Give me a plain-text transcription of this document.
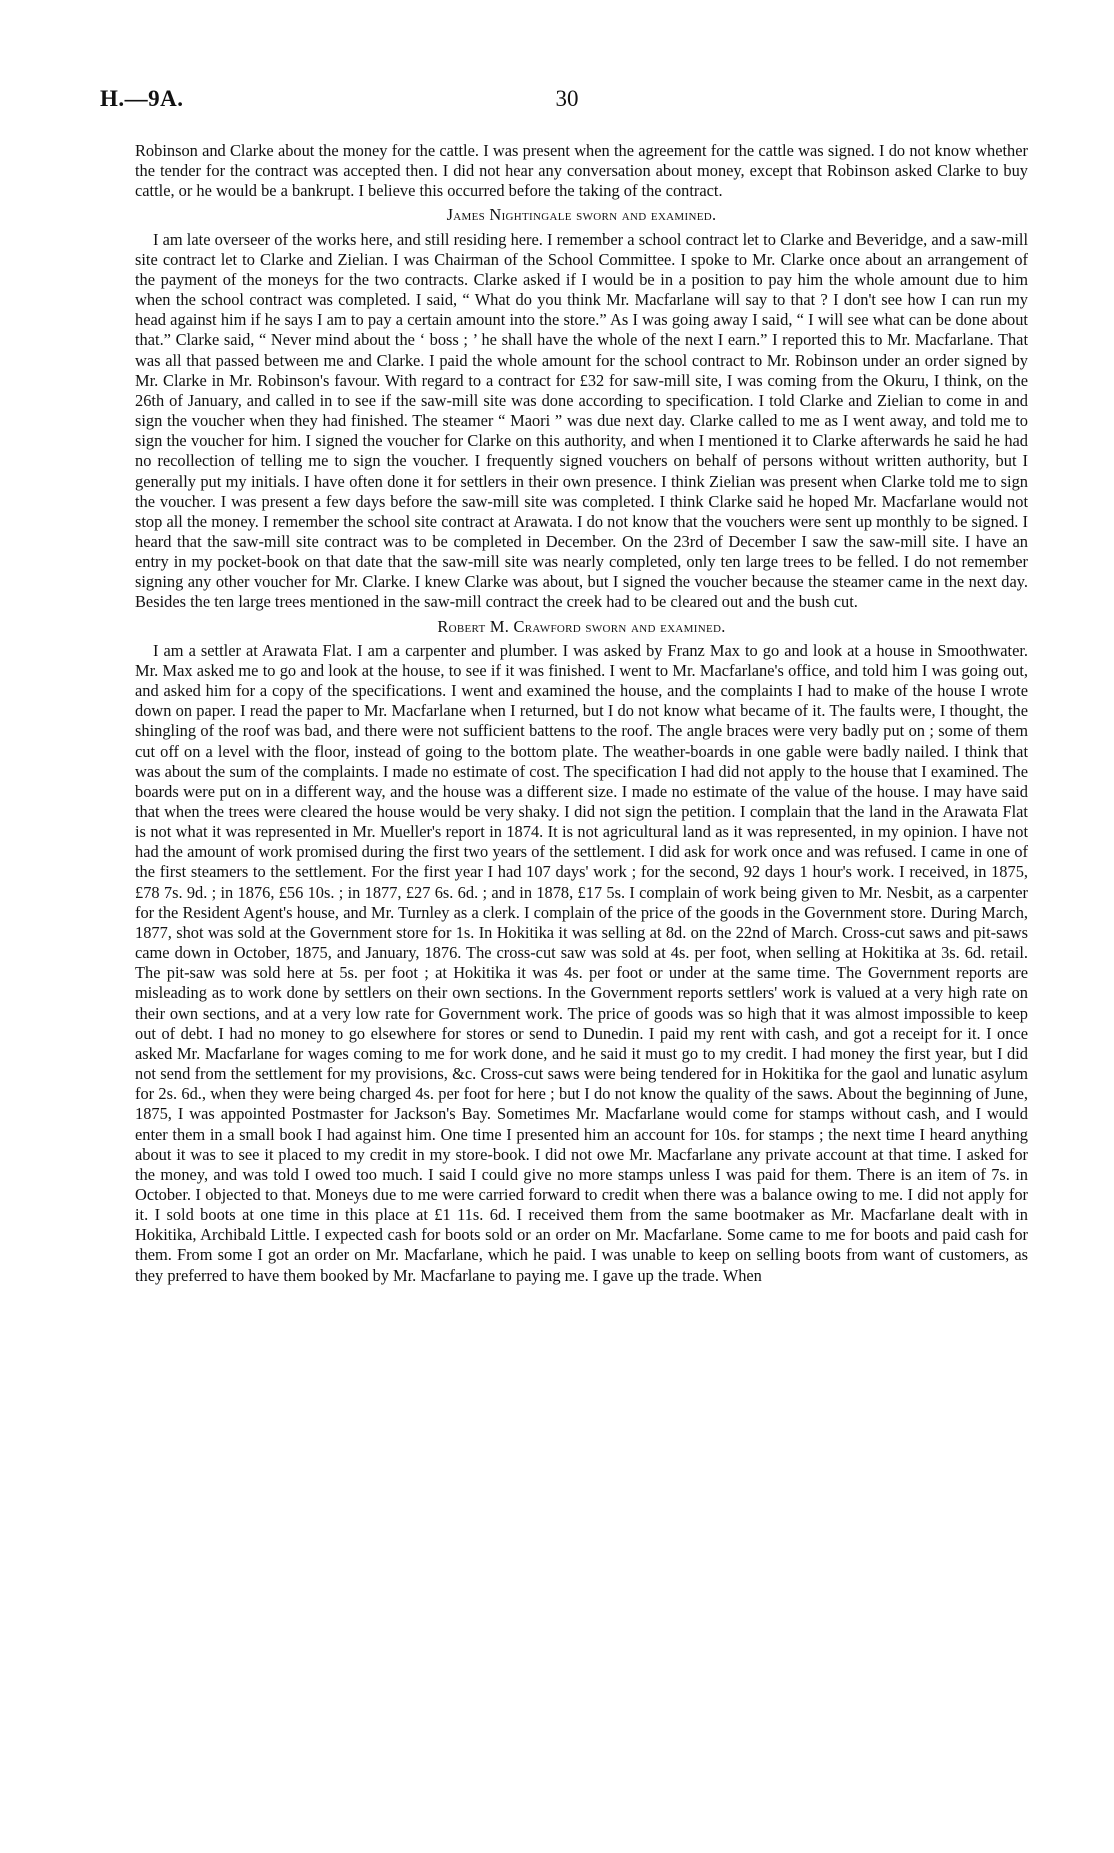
H.—9A.	30

Robinson and Clarke about the money for the cattle. I was present when the agreement for the cattle was signed. I do not know whether the tender for the contract was accepted then. I did not hear any conversation about money, except that Robinson asked Clarke to buy cattle, or he would be a bankrupt. I believe this occurred before the taking of the contract.

James Nightingale sworn and examined.

I am late overseer of the works here, and still residing here. I remember a school contract let to Clarke and Beveridge, and a saw-mill site contract let to Clarke and Zielian. I was Chairman of the School Committee. I spoke to Mr. Clarke once about an arrangement of the payment of the moneys for the two contracts. Clarke asked if I would be in a position to pay him the whole amount due to him when the school contract was completed. I said, “ What do you think Mr. Macfarlane will say to that ? I don't see how I can run my head against him if he says I am to pay a certain amount into the store.” As I was going away I said, “ I will see what can be done about that.” Clarke said, “ Never mind about the ‘ boss ; ’ he shall have the whole of the next I earn.” I reported this to Mr. Macfarlane. That was all that passed between me and Clarke. I paid the whole amount for the school contract to Mr. Robinson under an order signed by Mr. Clarke in Mr. Robinson's favour. With regard to a contract for £32 for saw-mill site, I was coming from the Okuru, I think, on the 26th of January, and called in to see if the saw-mill site was done according to specification. I told Clarke and Zielian to come in and sign the voucher when they had finished. The steamer “ Maori ” was due next day. Clarke called to me as I went away, and told me to sign the voucher for him. I signed the voucher for Clarke on this authority, and when I mentioned it to Clarke afterwards he said he had no recollection of telling me to sign the voucher. I frequently signed vouchers on behalf of persons without written authority, but I generally put my initials. I have often done it for settlers in their own presence. I think Zielian was present when Clarke told me to sign the voucher. I was present a few days before the saw-mill site was completed. I think Clarke said he hoped Mr. Macfarlane would not stop all the money. I remember the school site contract at Arawata. I do not know that the vouchers were sent up monthly to be signed. I heard that the saw-mill site contract was to be completed in December. On the 23rd of December I saw the saw-mill site. I have an entry in my pocket-book on that date that the saw-mill site was nearly completed, only ten large trees to be felled. I do not remember signing any other voucher for Mr. Clarke. I knew Clarke was about, but I signed the voucher because the steamer came in the next day. Besides the ten large trees mentioned in the saw-mill contract the creek had to be cleared out and the bush cut.

Robert M. Crawford sworn and examined.

I am a settler at Arawata Flat. I am a carpenter and plumber. I was asked by Franz Max to go and look at a house in Smoothwater. Mr. Max asked me to go and look at the house, to see if it was finished. I went to Mr. Macfarlane's office, and told him I was going out, and asked him for a copy of the specifications. I went and examined the house, and the complaints I had to make of the house I wrote down on paper. I read the paper to Mr. Macfarlane when I returned, but I do not know what became of it. The faults were, I thought, the shingling of the roof was bad, and there were not sufficient battens to the roof. The angle braces were very badly put on ; some of them cut off on a level with the floor, instead of going to the bottom plate. The weather-boards in one gable were badly nailed. I think that was about the sum of the complaints. I made no estimate of cost. The specification I had did not apply to the house that I examined. The boards were put on in a different way, and the house was a different size. I made no estimate of the value of the house. I may have said that when the trees were cleared the house would be very shaky. I did not sign the petition. I complain that the land in the Arawata Flat is not what it was represented in Mr. Mueller's report in 1874. It is not agricultural land as it was represented, in my opinion. I have not had the amount of work promised during the first two years of the settlement. I did ask for work once and was refused. I came in one of the first steamers to the settlement. For the first year I had 107 days' work ; for the second, 92 days 1 hour's work. I received, in 1875, £78 7s. 9d. ; in 1876, £56 10s. ; in 1877, £27 6s. 6d. ; and in 1878, £17 5s. I complain of work being given to Mr. Nesbit, as a carpenter for the Resident Agent's house, and Mr. Turnley as a clerk. I complain of the price of the goods in the Government store. During March, 1877, shot was sold at the Government store for 1s. In Hokitika it was selling at 8d. on the 22nd of March. Cross-cut saws and pit-saws came down in October, 1875, and January, 1876. The cross-cut saw was sold at 4s. per foot, when selling at Hokitika at 3s. 6d. retail. The pit-saw was sold here at 5s. per foot ; at Hokitika it was 4s. per foot or under at the same time. The Government reports are misleading as to work done by settlers on their own sections. In the Government reports settlers' work is valued at a very high rate on their own sections, and at a very low rate for Government work. The price of goods was so high that it was almost impossible to keep out of debt. I had no money to go elsewhere for stores or send to Dunedin. I paid my rent with cash, and got a receipt for it. I once asked Mr. Macfarlane for wages coming to me for work done, and he said it must go to my credit. I had money the first year, but I did not send from the settlement for my provisions, &c. Cross-cut saws were being tendered for in Hokitika for the gaol and lunatic asylum for 2s. 6d., when they were being charged 4s. per foot for here ; but I do not know the quality of the saws. About the beginning of June, 1875, I was appointed Postmaster for Jackson's Bay. Sometimes Mr. Macfarlane would come for stamps without cash, and I would enter them in a small book I had against him. One time I presented him an account for 10s. for stamps ; the next time I heard anything about it was to see it placed to my credit in my store-book. I did not owe Mr. Macfarlane any private account at that time. I asked for the money, and was told I owed too much. I said I could give no more stamps unless I was paid for them. There is an item of 7s. in October. I objected to that. Moneys due to me were carried forward to credit when there was a balance owing to me. I did not apply for it. I sold boots at one time in this place at £1 11s. 6d. I received them from the same bootmaker as Mr. Macfarlane dealt with in Hokitika, Archibald Little. I expected cash for boots sold or an order on Mr. Macfarlane. Some came to me for boots and paid cash for them. From some I got an order on Mr. Macfarlane, which he paid. I was unable to keep on selling boots from want of customers, as they preferred to have them booked by Mr. Macfarlane to paying me. I gave up the trade. When
